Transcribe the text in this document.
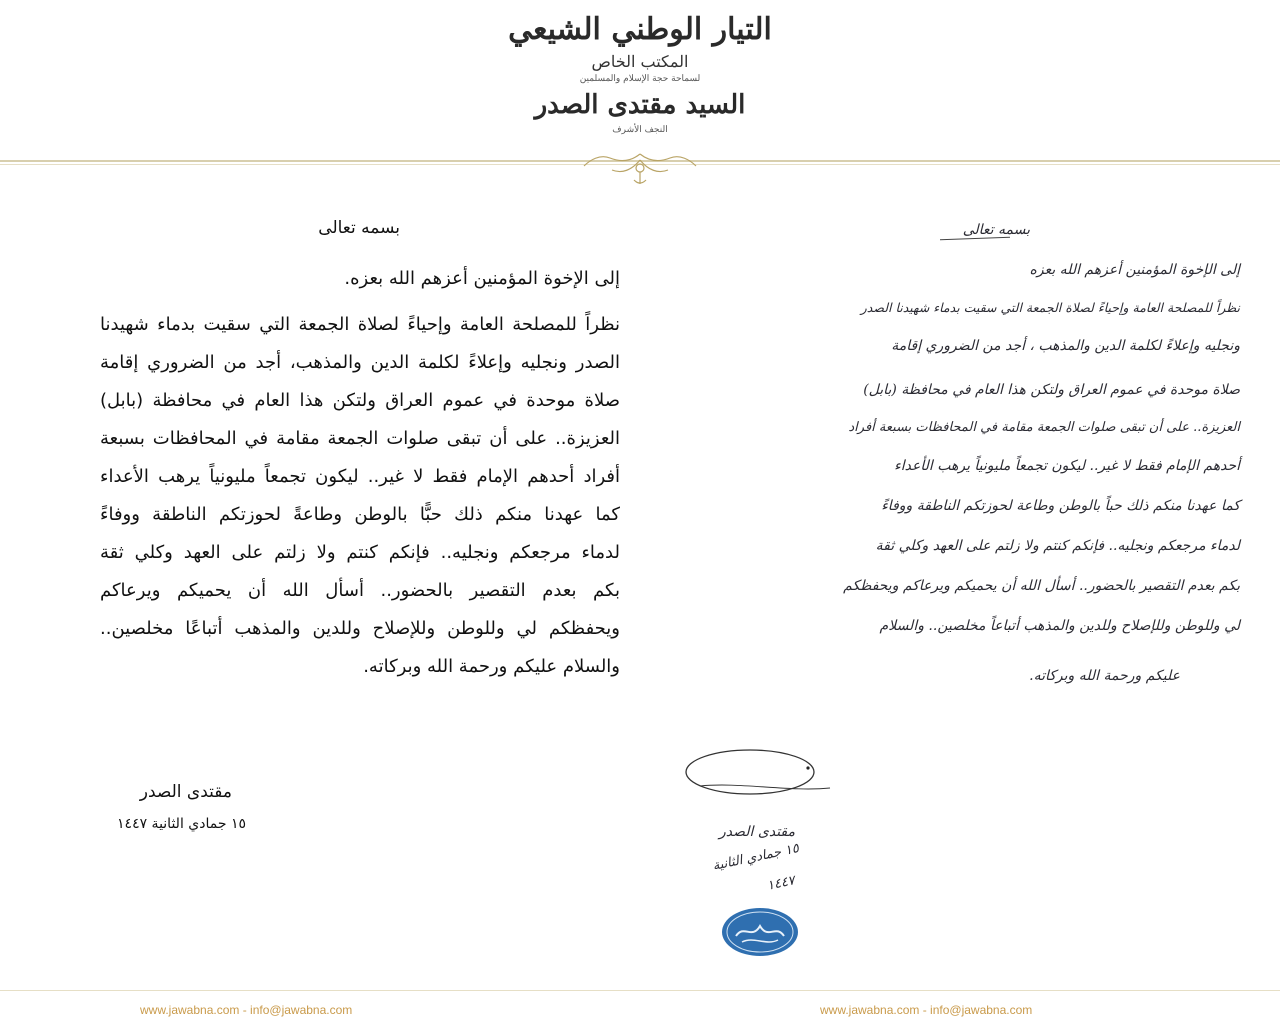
التيار الوطني الشيعي
المكتب الخاص
لسماحة حجة الإسلام والمسلمين
السيد مقتدى الصدر
النجف الأشرف
بسمه تعالى
إلى الإخوة المؤمنين أعزهم الله بعزه.
نظراً للمصلحة العامة وإحياءً لصلاة الجمعة التي سقيت بدماء شهيدنا
الصدر ونجليه وإعلاءً لكلمة الدين والمذهب، أجد من الضروري إقامة
صلاة موحدة في عموم العراق ولتكن هذا العام في محافظة (بابل)
العزيزة.. على أن تبقى صلوات الجمعة مقامة في المحافظات بسبعة
أفراد أحدهم الإمام فقط لا غير.. ليكون تجمعاً مليونياً يرهب الأعداء
كما عهدنا منكم ذلك حبًّا بالوطن وطاعةً لحوزتكم الناطقة ووفاءً
لدماء مرجعكم ونجليه.. فإنكم كنتم ولا زلتم على العهد وكلي ثقة
بكم بعدم التقصير بالحضور.. أسأل الله أن يحميكم ويرعاكم
ويحفظكم لي وللوطن وللإصلاح وللدين والمذهب أتباعًا مخلصين..
والسلام عليكم ورحمة الله وبركاته.
مقتدى الصدر
١٥ جمادي الثانية ١٤٤٧
بسمه تعالى
إلى الإخوة المؤمنين أعزهم الله بعزه
نظراً للمصلحة العامة وإحياءً لصلاة الجمعة التي سقيت بدماء شهيدنا الصدر
ونجليه وإعلاءً لكلمة الدين والمذهب ، أجد من الضروري إقامة
صلاة موحدة في عموم العراق ولتكن هذا العام في محافظة (بابل)
العزيزة.. على أن تبقى صلوات الجمعة مقامة في المحافظات بسبعة أفراد
أحدهم الإمام فقط لا غير.. ليكون تجمعاً مليونياً يرهب الأعداء
كما عهدنا منكم ذلك حباً بالوطن وطاعة لحوزتكم الناطقة ووفاءً
لدماء مرجعكم ونجليه.. فإنكم كنتم ولا زلتم على العهد وكلي ثقة
بكم بعدم التقصير بالحضور.. أسأل الله أن يحميكم ويرعاكم ويحفظكم
لي وللوطن وللإصلاح وللدين والمذهب أتباعاً مخلصين.. والسلام
عليكم ورحمة الله وبركاته.
مقتدى الصدر
١٥ جمادي الثانية
١٤٤٧
www.jawabna.com - info@jawabna.com	www.jawabna.com - info@jawabna.com
